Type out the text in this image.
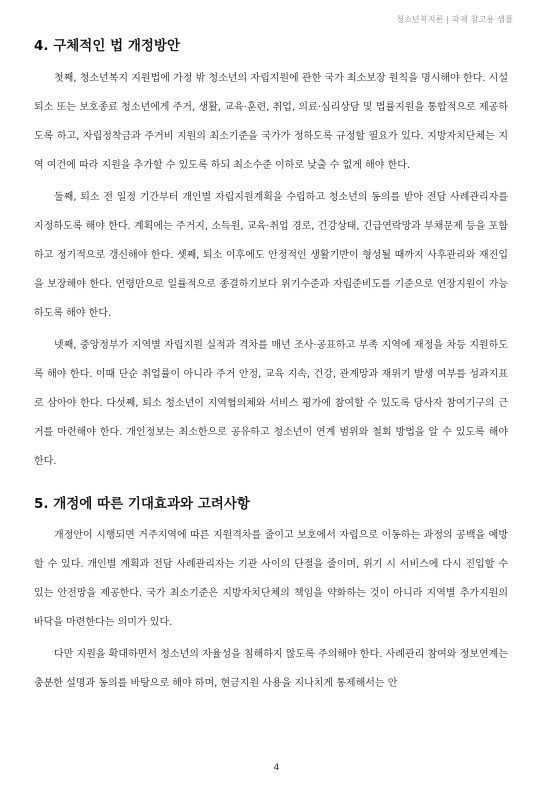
청소년복지론 | 과제 참고용 샘플
4. 구체적인 법 개정방안

첫째, 청소년복지 지원법에 가정 밖 청소년의 자립지원에 관한 국가 최소보장 원칙을 명시해야 한다. 시설 퇴소 또는 보호종료 청소년에게 주거, 생활, 교육·훈련, 취업, 의료·심리상담 및 법률지원을 통합적으로 제공하도록 하고, 자립정착금과 주거비 지원의 최소기준을 국가가 정하도록 규정할 필요가 있다. 지방자치단체는 지역 여건에 따라 지원을 추가할 수 있도록 하되 최소수준 이하로 낮출 수 없게 해야 한다.

둘째, 퇴소 전 일정 기간부터 개인별 자립지원계획을 수립하고 청소년의 동의를 받아 전담 사례관리자를 지정하도록 해야 한다. 계획에는 주거지, 소득원, 교육·취업 경로, 건강상태, 긴급연락망과 부채문제 등을 포함하고 정기적으로 갱신해야 한다. 셋째, 퇴소 이후에도 안정적인 생활기반이 형성될 때까지 사후관리와 재진입을 보장해야 한다. 연령만으로 일률적으로 종결하기보다 위기수준과 자립준비도를 기준으로 연장지원이 가능하도록 해야 한다.

넷째, 중앙정부가 지역별 자립지원 실적과 격차를 매년 조사·공표하고 부족 지역에 재정을 차등 지원하도록 해야 한다. 이때 단순 취업률이 아니라 주거 안정, 교육 지속, 건강, 관계망과 재위기 발생 여부를 성과지표로 삼아야 한다. 다섯째, 퇴소 청소년이 지역협의체와 서비스 평가에 참여할 수 있도록 당사자 참여기구의 근거를 마련해야 한다. 개인정보는 최소한으로 공유하고 청소년이 연계 범위와 철회 방법을 알 수 있도록 해야 한다.

5. 개정에 따른 기대효과와 고려사항

개정안이 시행되면 거주지역에 따른 지원격차를 줄이고 보호에서 자립으로 이동하는 과정의 공백을 예방할 수 있다. 개인별 계획과 전담 사례관리자는 기관 사이의 단절을 줄이며, 위기 시 서비스에 다시 진입할 수 있는 안전망을 제공한다. 국가 최소기준은 지방자치단체의 책임을 약화하는 것이 아니라 지역별 추가지원의 바닥을 마련한다는 의미가 있다.

다만 지원을 확대하면서 청소년의 자율성을 침해하지 않도록 주의해야 한다. 사례관리 참여와 정보연계는 충분한 설명과 동의를 바탕으로 해야 하며, 현금지원 사용을 지나치게 통제해서는 안

4
